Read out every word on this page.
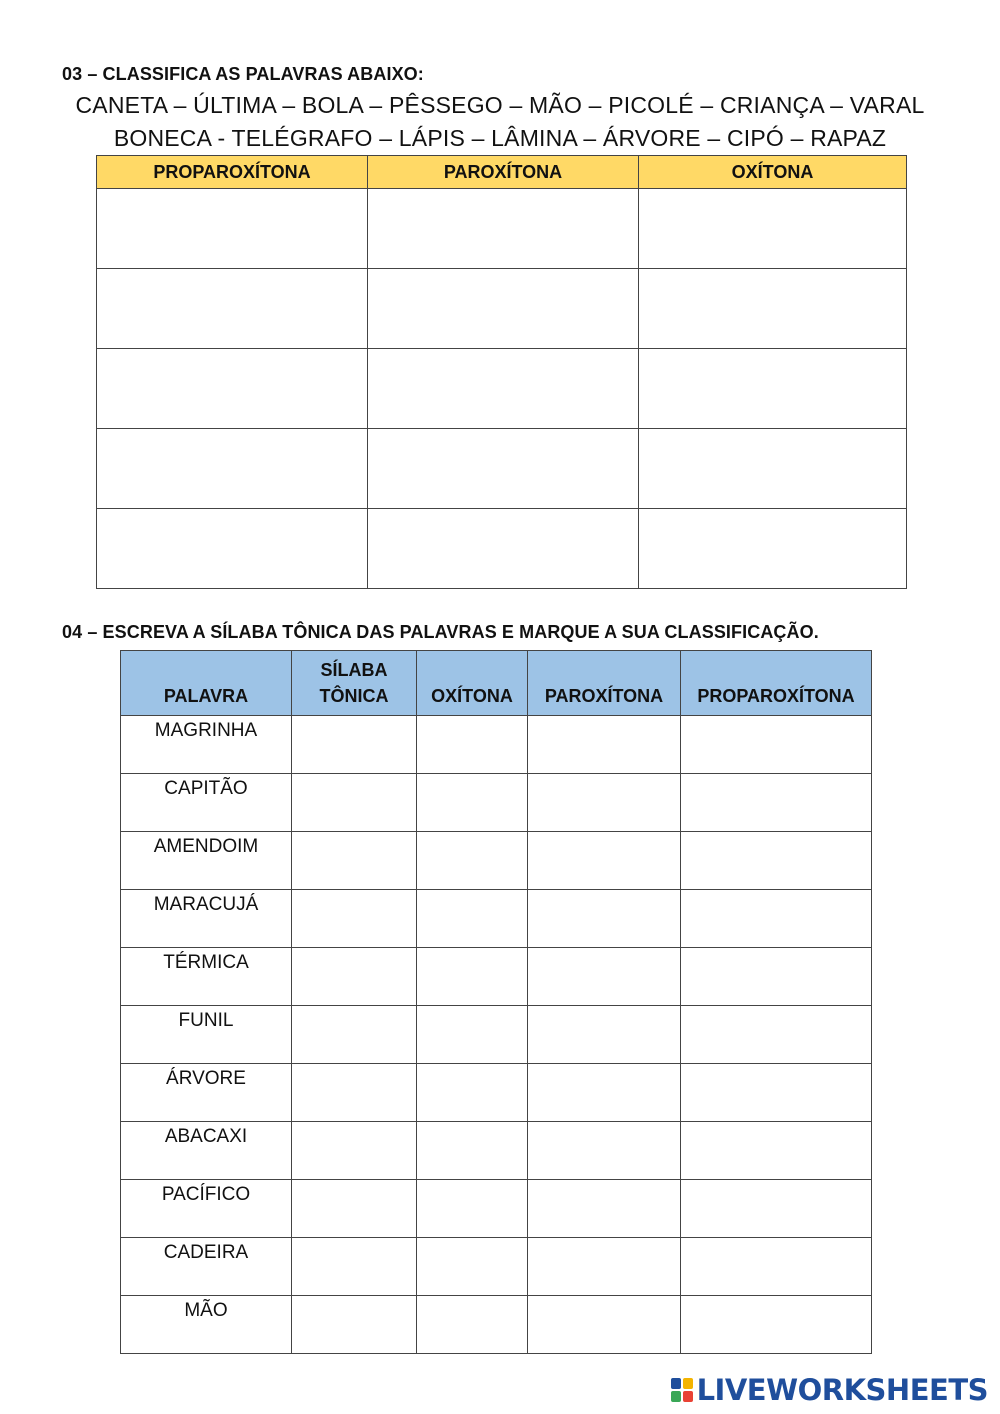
03 – CLASSIFICA AS PALAVRAS ABAIXO:
CANETA – ÚLTIMA – BOLA – PÊSSEGO – MÃO – PICOLÉ – CRIANÇA – VARAL
BONECA - TELÉGRAFO – LÁPIS – LÂMINA – ÁRVORE – CIPÓ – RAPAZ
PROPAROXÍTONA	PAROXÍTONA	OXÍTONA

04 – ESCREVA A SÍLABA TÔNICA DAS PALAVRAS E MARQUE A SUA CLASSIFICAÇÃO.
PALAVRA	SÍLABA TÔNICA	OXÍTONA	PAROXÍTONA	PROPAROXÍTONA
MAGRINHA				
CAPITÃO				
AMENDOIM				
MARACUJÁ				
TÉRMICA				
FUNIL				
ÁRVORE				
ABACAXI				
PACÍFICO				
CADEIRA				
MÃO				
LIVEWORKSHEETS
